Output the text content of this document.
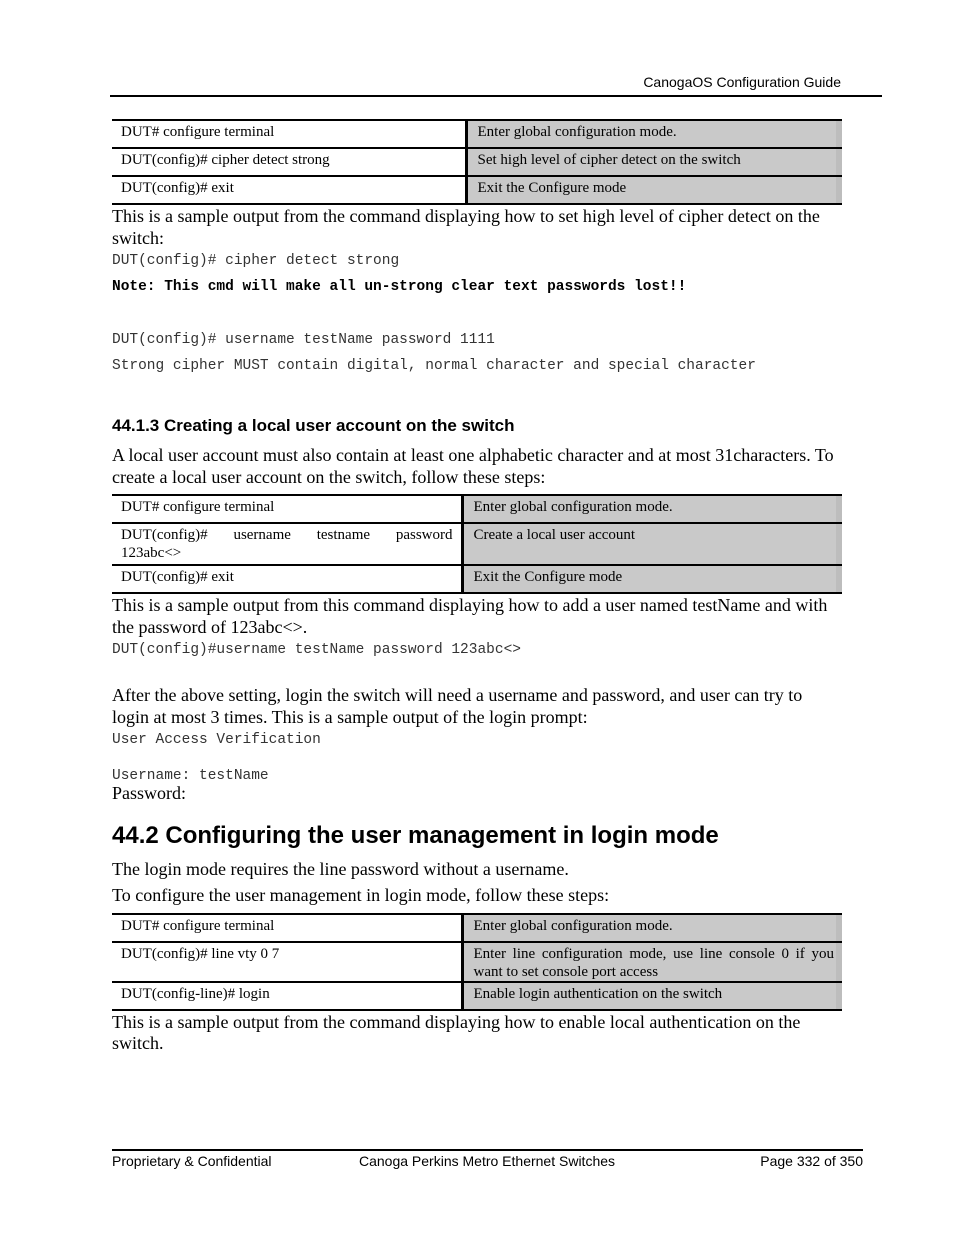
CanogaOS Configuration Guide
DUT# configure terminal	Enter global configuration mode.
DUT(config)# cipher detect strong	Set high level of cipher detect on the switch
DUT(config)# exit	Exit the Configure mode

This is a sample output from the command displaying how to set high level of cipher detect on the switch:

DUT(config)# cipher detect strong

Note: This cmd will make all un-strong clear text passwords lost!!

DUT(config)# username testName password 1111

Strong cipher MUST contain digital, normal character and special character

44.1.3 Creating a local user account on the switch

A local user account must also contain at least one alphabetic character and at most 31characters. To create a local user account on the switch, follow these steps:

DUT# configure terminal	Enter global configuration mode.

DUT(config)# username testname password
123abc<>	Create a local user account
DUT(config)# exit	Exit the Configure mode

This is a sample output from this command displaying how to add a user named testName and with the password of 123abc<>.

DUT(config)#username testName password 123abc<>

After the above setting, login the switch will need a username and password, and user can try to login at most 3 times. This is a sample output of the login prompt:

User Access Verification

Username: testName

Password:

44.2 Configuring the user management in login mode

The login mode requires the line password without a username.

To configure the user management in login mode, follow these steps:

DUT# configure terminal	Enter global configuration mode.
DUT(config)# line vty 0 7	Enter line configuration mode, use line console 0 if you want to set console port access
DUT(config-line)# login	Enable login authentication on the switch

This is a sample output from the command displaying how to enable local authentication on the switch.

Proprietary & Confidential	Canoga Perkins Metro Ethernet Switches	Page 332 of 350
